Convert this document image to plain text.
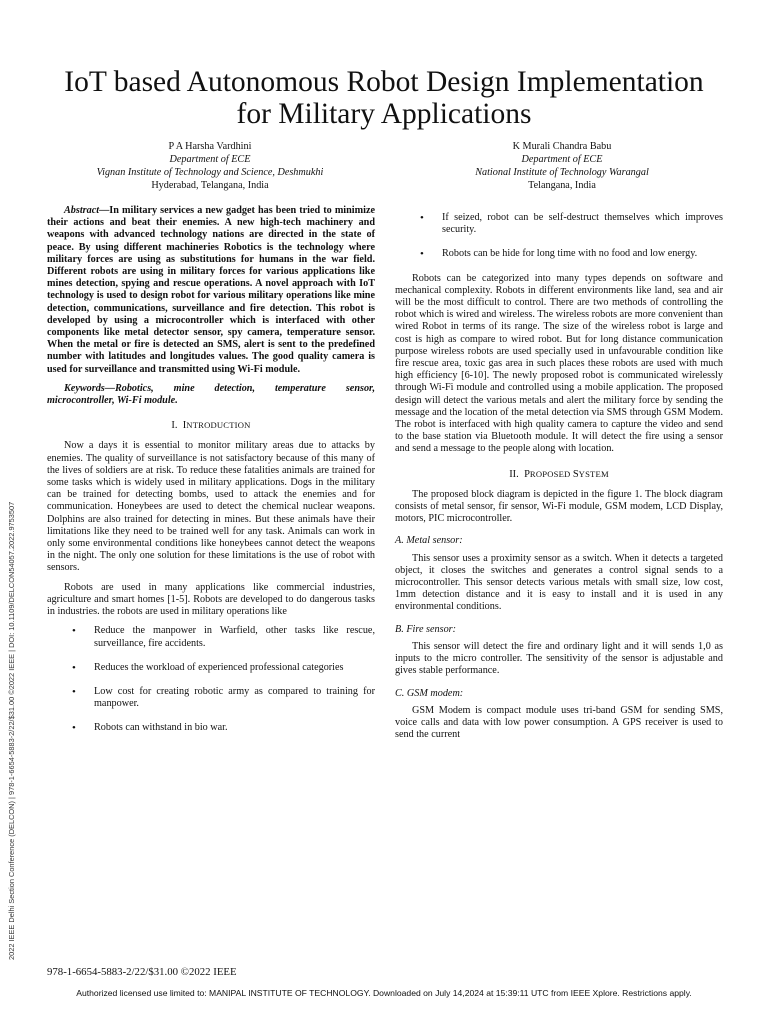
2022 IEEE Delhi Section Conference (DELCON) | 978-1-6654-5883-2/22/$31.00 ©2022 IEEE | DOI: 10.1109/DELCON54057.2022.9753507
IoT based Autonomous Robot Design Implementation
for Military Applications
P A Harsha Vardhini
Department of ECE
Vignan Institute of Technology and Science, Deshmukhi
Hyderabad, Telangana, India
K Murali Chandra Babu
Department of ECE
National Institute of Technology Warangal
Telangana, India

Abstract—In military services a new gadget has been tried to minimize their actions and beat their enemies. A new high-tech machinery and weapons with advanced technology nations are directed in the state of peace. By using different machineries Robotics is the technology where military forces are using as substitutions for humans in the war field. Different robots are using in military forces for various applications like mines detection, spying and rescue operations. A novel approach with IoT technology is used to design robot for various military operations like mine detection, communications, surveillance and fire detection. This robot is developed by using a microcontroller which is interfaced with other components like metal detector sensor, spy camera, temperature sensor. When the metal or fire is detected an SMS, alert is sent to the predefined number with latitudes and longitudes values. The good quality camera is used for surveillance and transmitted using Wi-Fi module.

Keywords—Robotics, mine detection, temperature sensor, microcontroller, Wi-Fi module.

I. INTRODUCTION

Now a days it is essential to monitor military areas due to attacks by enemies. The quality of surveillance is not satisfactory because of this many of the lives of soldiers are at risk. To reduce these fatalities animals are trained for some tasks which is widely used in military applications. Dogs in the military can be trained for detecting bombs, used to attack the enemies and for communication. Honeybees are used to detect the chemical nuclear weapons. Dolphins are also trained for detecting in mines. But these animals have their limitations like they need to be trained well for any task. Animals can work in only some environmental conditions like honeybees cannot detect the weapons in the night. The only one solution for these limitations is the use of robot with sensors.

Robots are used in many applications like commercial industries, agriculture and smart homes [1-5]. Robots are developed to do dangerous tasks in industries. the robots are used in military operations like

• Reduce the manpower in Warfield, other tasks like rescue, surveillance, fire accidents.
• Reduces the workload of experienced professional categories
• Low cost for creating robotic army as compared to training for manpower.
• Robots can withstand in bio war.
• If seized, robot can be self-destruct themselves which improves security.
• Robots can be hide for long time with no food and low energy.

Robots can be categorized into many types depends on software and mechanical complexity. Robots in different environments like land, sea and air will be the most difficult to control. There are two methods of controlling the robot which is wired and wireless. The wireless robots are more convenient than wired Robot in terms of its range. The size of the wireless robot is large and cost is high as compare to wired robot. But for long distance communication purpose wireless robots are used specially used in unfavourable condition like fire rescue area, toxic gas area in such places these robots are used with much high efficiency [6-10]. The newly proposed robot is communicated wirelessly through Wi-Fi module and controlled using a mobile application. The proposed design will detect the various metals and alert the military force by sending the message and the location of the metal detection via SMS through GSM Modem. The robot is interfaced with high quality camera to capture the video and send to the base station via Bluetooth module. It will detect the fire using a sensor and send a message to the people along with location.

II. PROPOSED SYSTEM

The proposed block diagram is depicted in the figure 1. The block diagram consists of metal sensor, fir sensor, Wi-Fi module, GSM modem, LCD Display, motors, PIC microcontroller.

A. Metal sensor:

This sensor uses a proximity sensor as a switch. When it detects a targeted object, it closes the switches and generates a control signal sends to a microcontroller. This sensor detects various metals with small size, low cost, 1mm detection distance and it is easy to install and it is used in any environmental conditions.

B. Fire sensor:

This sensor will detect the fire and ordinary light and it will sends 1,0 as inputs to the micro controller. The sensitivity of the sensor is adjustable and gives stable performance.

C. GSM modem:

GSM Modem is compact module uses tri-band GSM for sending SMS, voice calls and data with low power consumption. A GPS receiver is used to send the current

978-1-6654-5883-2/22/$31.00 ©2022 IEEE
Authorized licensed use limited to: MANIPAL INSTITUTE OF TECHNOLOGY. Downloaded on July 14,2024 at 15:39:11 UTC from IEEE Xplore. Restrictions apply.
